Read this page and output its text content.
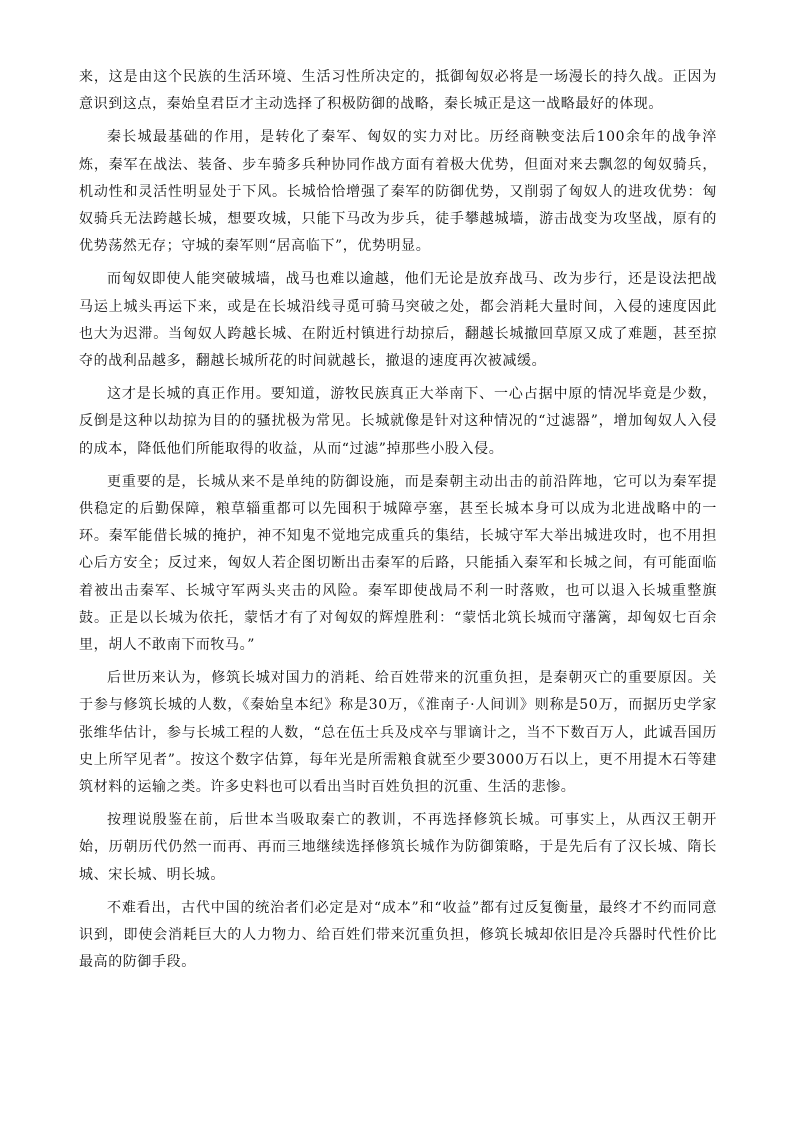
来，这是由这个民族的生活环境、生活习性所决定的，抵御匈奴必将是一场漫长的持久战。正因为意识到这点，秦始皇君臣才主动选择了积极防御的战略，秦长城正是这一战略最好的体现。

秦长城最基础的作用，是转化了秦军、匈奴的实力对比。历经商鞅变法后100余年的战争淬炼，秦军在战法、装备、步车骑多兵种协同作战方面有着极大优势，但面对来去飘忽的匈奴骑兵，机动性和灵活性明显处于下风。长城恰恰增强了秦军的防御优势，又削弱了匈奴人的进攻优势：匈奴骑兵无法跨越长城，想要攻城，只能下马改为步兵，徒手攀越城墙，游击战变为攻坚战，原有的优势荡然无存；守城的秦军则“居高临下”，优势明显。

而匈奴即使人能突破城墙，战马也难以逾越，他们无论是放弃战马、改为步行，还是设法把战马运上城头再运下来，或是在长城沿线寻觅可骑马突破之处，都会消耗大量时间，入侵的速度因此也大为迟滞。当匈奴人跨越长城、在附近村镇进行劫掠后，翻越长城撤回草原又成了难题，甚至掠夺的战利品越多，翻越长城所花的时间就越长，撤退的速度再次被减缓。

这才是长城的真正作用。要知道，游牧民族真正大举南下、一心占据中原的情况毕竟是少数，反倒是这种以劫掠为目的的骚扰极为常见。长城就像是针对这种情况的“过滤器”，增加匈奴人入侵的成本，降低他们所能取得的收益，从而“过滤”掉那些小股入侵。

更重要的是，长城从来不是单纯的防御设施，而是秦朝主动出击的前沿阵地，它可以为秦军提供稳定的后勤保障，粮草辎重都可以先囤积于城障亭塞，甚至长城本身可以成为北进战略中的一环。秦军能借长城的掩护，神不知鬼不觉地完成重兵的集结，长城守军大举出城进攻时，也不用担心后方安全；反过来，匈奴人若企图切断出击秦军的后路，只能插入秦军和长城之间，有可能面临着被出击秦军、长城守军两头夹击的风险。秦军即使战局不利一时落败，也可以退入长城重整旗鼓。正是以长城为依托，蒙恬才有了对匈奴的辉煌胜利：“蒙恬北筑长城而守藩篱，却匈奴七百余里，胡人不敢南下而牧马。”

后世历来认为，修筑长城对国力的消耗、给百姓带来的沉重负担，是秦朝灭亡的重要原因。关于参与修筑长城的人数，《秦始皇本纪》称是30万，《淮南子·人间训》则称是50万，而据历史学家张维华估计，参与长城工程的人数，“总在伍士兵及戍卒与罪谪计之，当不下数百万人，此诚吾国历史上所罕见者”。按这个数字估算，每年光是所需粮食就至少要3000万石以上，更不用提木石等建筑材料的运输之类。许多史料也可以看出当时百姓负担的沉重、生活的悲惨。

按理说殷鉴在前，后世本当吸取秦亡的教训，不再选择修筑长城。可事实上，从西汉王朝开始，历朝历代仍然一而再、再而三地继续选择修筑长城作为防御策略，于是先后有了汉长城、隋长城、宋长城、明长城。

不难看出，古代中国的统治者们必定是对“成本”和“收益”都有过反复衡量，最终才不约而同意识到，即使会消耗巨大的人力物力、给百姓们带来沉重负担，修筑长城却依旧是冷兵器时代性价比最高的防御手段。
